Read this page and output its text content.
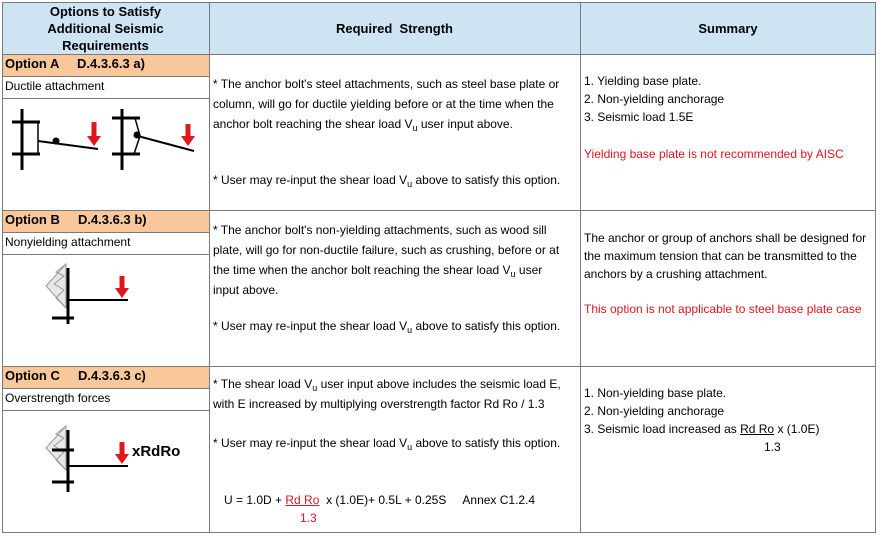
Options to Satisfy Additional Seismic Requirements
Required  Strength	Summary
Option A D.4.3.6.3 a)
Ductile attachment	* The anchor bolt's steel attachments, such as steel base plate or column, will go for ductile yielding before or at the time when the anchor bolt reaching the shear load $V_u$ user input above.
* User may re-input the shear load $V_u$ above to satisfy this option.
1. Yielding base plate.
2. Non-yielding anchorage
3. Seismic load 1.5E
Yielding base plate is not recommended by AISC
Option B D.4.3.6.3 b)
Nonyielding attachment
* The anchor bolt's non-yielding attachments, such as wood sill plate, will go for non-ductile failure, such as crushing, before or at the time when the anchor bolt reaching the shear load $V_u$ user input above.
* User may re-input the shear load $V_u$ above to satisfy this option.
The anchor or group of anchors shall be designed for the maximum tension that can be transmitted to the anchors by a crushing attachment.
This option is not applicable to steel base plate case
Option C D.4.3.6.3 c)
Overstrength forces
xRdRo
* The shear load $V_u$ user input above includes the seismic load E, with E increased by multiplying overstrength factor Rd Ro / 1.3
* User may re-input the shear load $V_u$ above to satisfy this option.
U = 1.0D + Rd Ro x (1.0E)+ 0.5L + 0.25S Annex C1.2.4
1.3
1. Non-yielding base plate.
2. Non-yielding anchorage
3. Seismic load increased as Rd Ro x (1.0E)
1.3
